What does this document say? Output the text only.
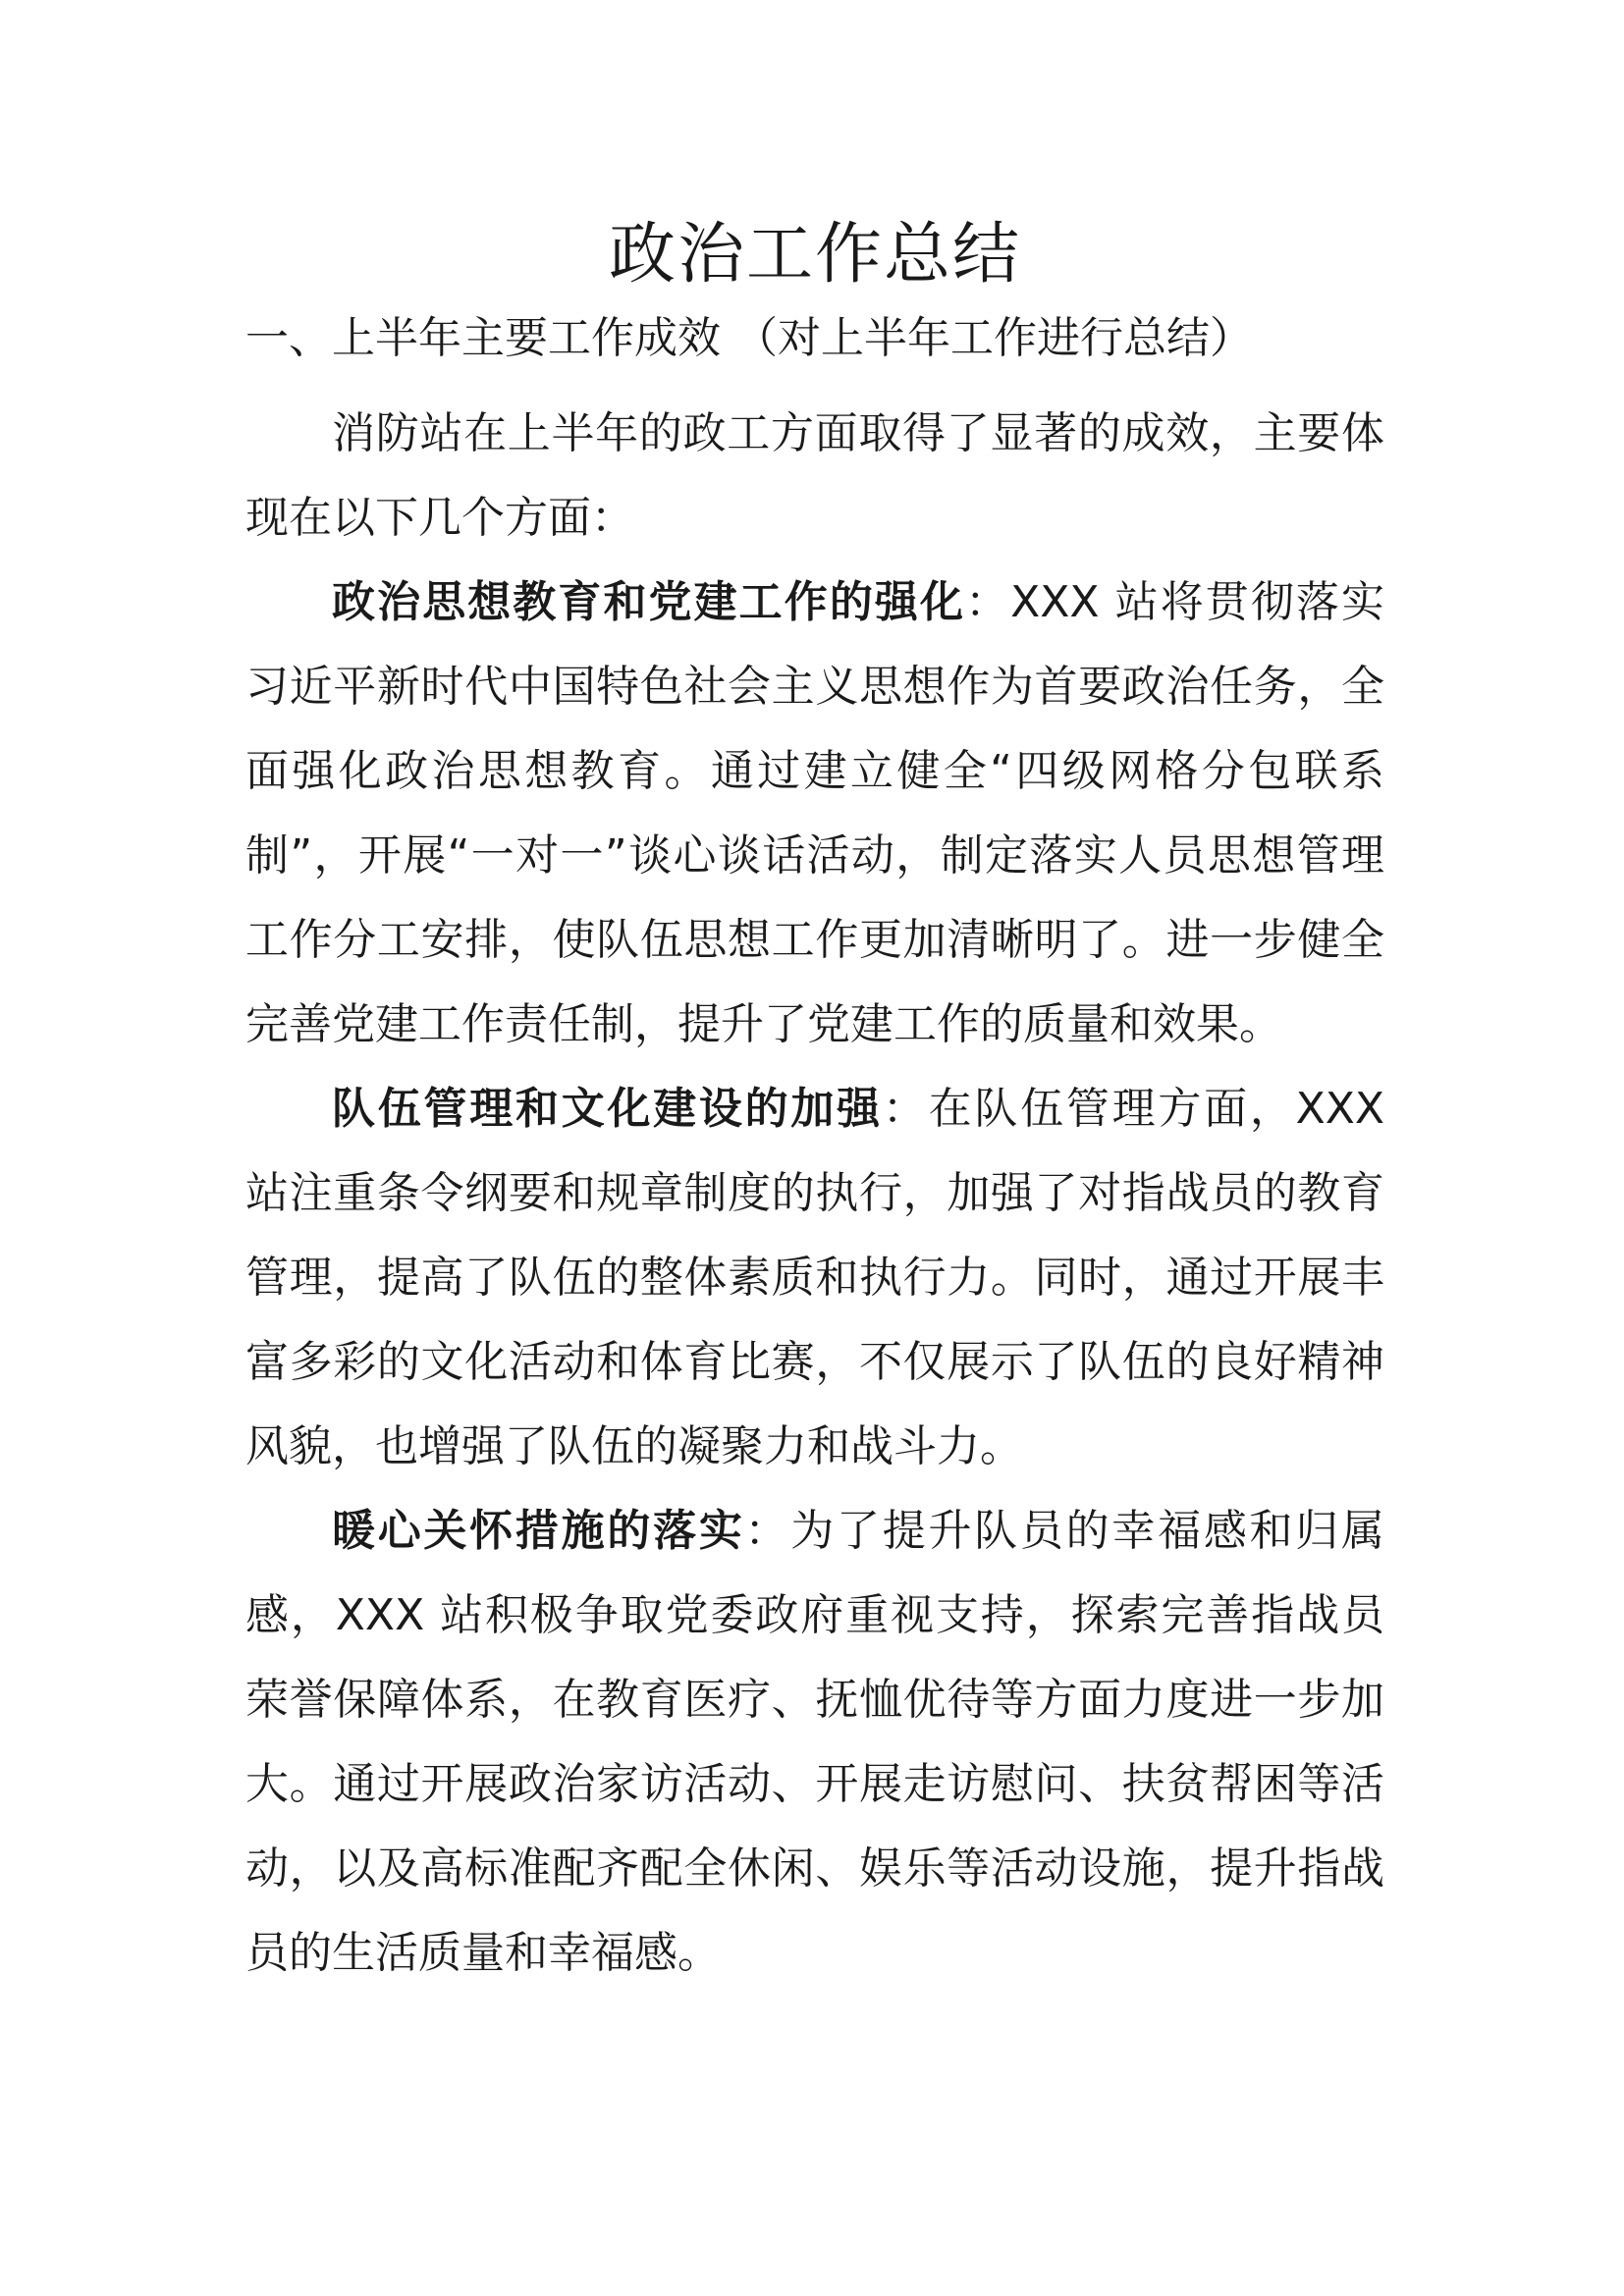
政治工作总结
一、上半年主要工作成效 （对上半年工作进行总结）

消防站在上半年的政工方面取得了显著的成效，主要体现在以下几个方面：

政治思想教育和党建工作的强化：XXX 站将贯彻落实习近平新时代中国特色社会主义思想作为首要政治任务，全面强化政治思想教育。通过建立健全“四级网格分包联系制”，开展“一对一”谈心谈话活动，制定落实人员思想管理工作分工安排，使队伍思想工作更加清晰明了。进一步健全完善党建工作责任制，提升了党建工作的质量和效果。

队伍管理和文化建设的加强：在队伍管理方面，XXX 站注重条令纲要和规章制度的执行，加强了对指战员的教育管理，提高了队伍的整体素质和执行力。同时，通过开展丰富多彩的文化活动和体育比赛，不仅展示了队伍的良好精神风貌，也增强了队伍的凝聚力和战斗力。

暖心关怀措施的落实：为了提升队员的幸福感和归属感，XXX 站积极争取党委政府重视支持，探索完善指战员荣誉保障体系，在教育医疗、抚恤优待等方面力度进一步加大。通过开展政治家访活动、开展走访慰问、扶贫帮困等活动，以及高标准配齐配全休闲、娱乐等活动设施，提升指战员的生活质量和幸福感。
